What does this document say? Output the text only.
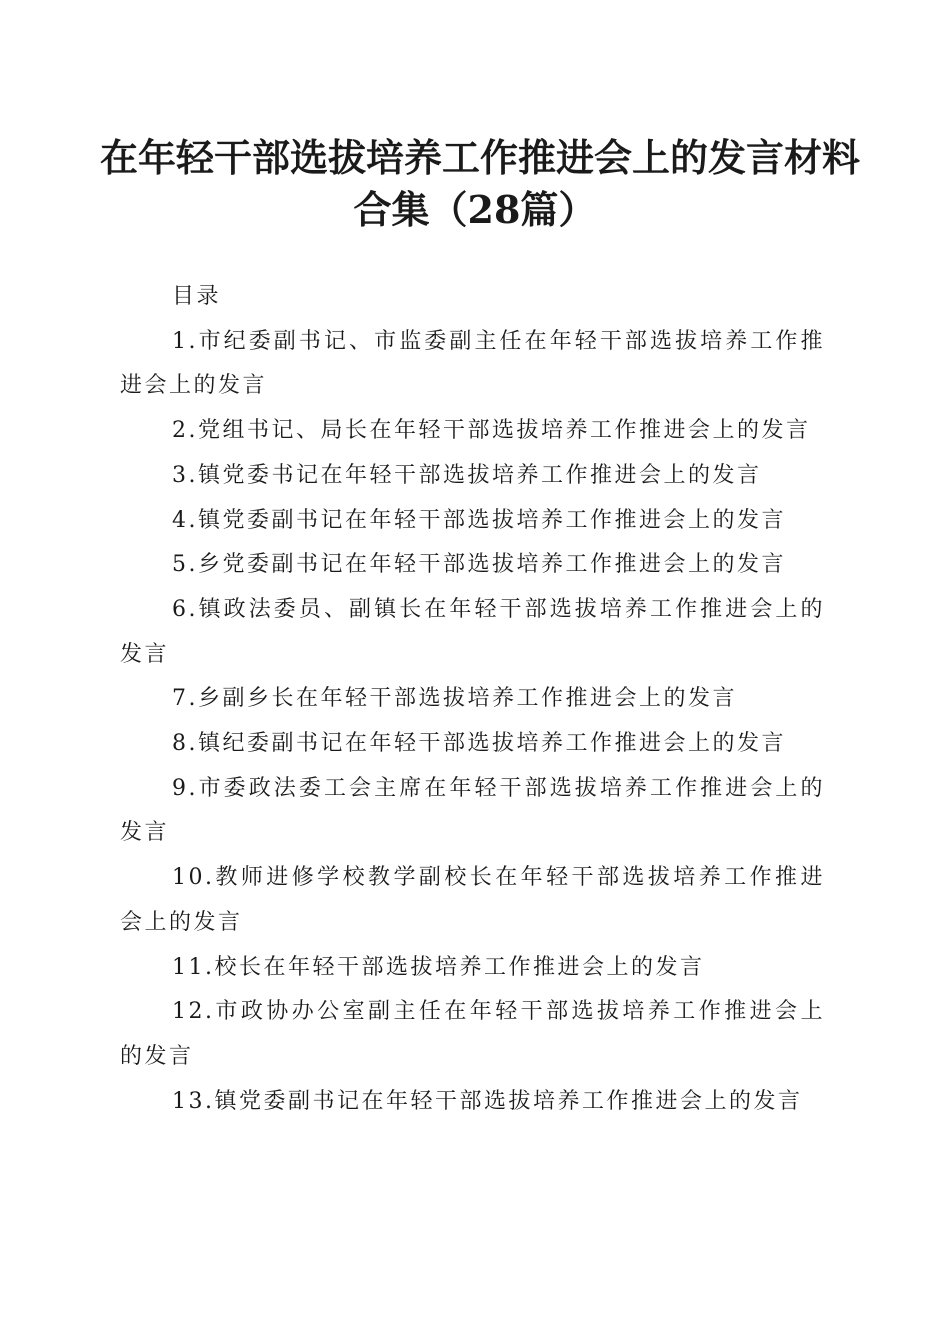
在年轻干部选拔培养工作推进会上的发言材料
合集（28篇）
目录
1.市纪委副书记、市监委副主任在年轻干部选拔培养工作推进会上的发言
2.党组书记、局长在年轻干部选拔培养工作推进会上的发言
3.镇党委书记在年轻干部选拔培养工作推进会上的发言
4.镇党委副书记在年轻干部选拔培养工作推进会上的发言
5.乡党委副书记在年轻干部选拔培养工作推进会上的发言
6.镇政法委员、副镇长在年轻干部选拔培养工作推进会上的发言
7.乡副乡长在年轻干部选拔培养工作推进会上的发言
8.镇纪委副书记在年轻干部选拔培养工作推进会上的发言
9.市委政法委工会主席在年轻干部选拔培养工作推进会上的发言
10.教师进修学校教学副校长在年轻干部选拔培养工作推进会上的发言
11.校长在年轻干部选拔培养工作推进会上的发言
12.市政协办公室副主任在年轻干部选拔培养工作推进会上的发言
13.镇党委副书记在年轻干部选拔培养工作推进会上的发言
